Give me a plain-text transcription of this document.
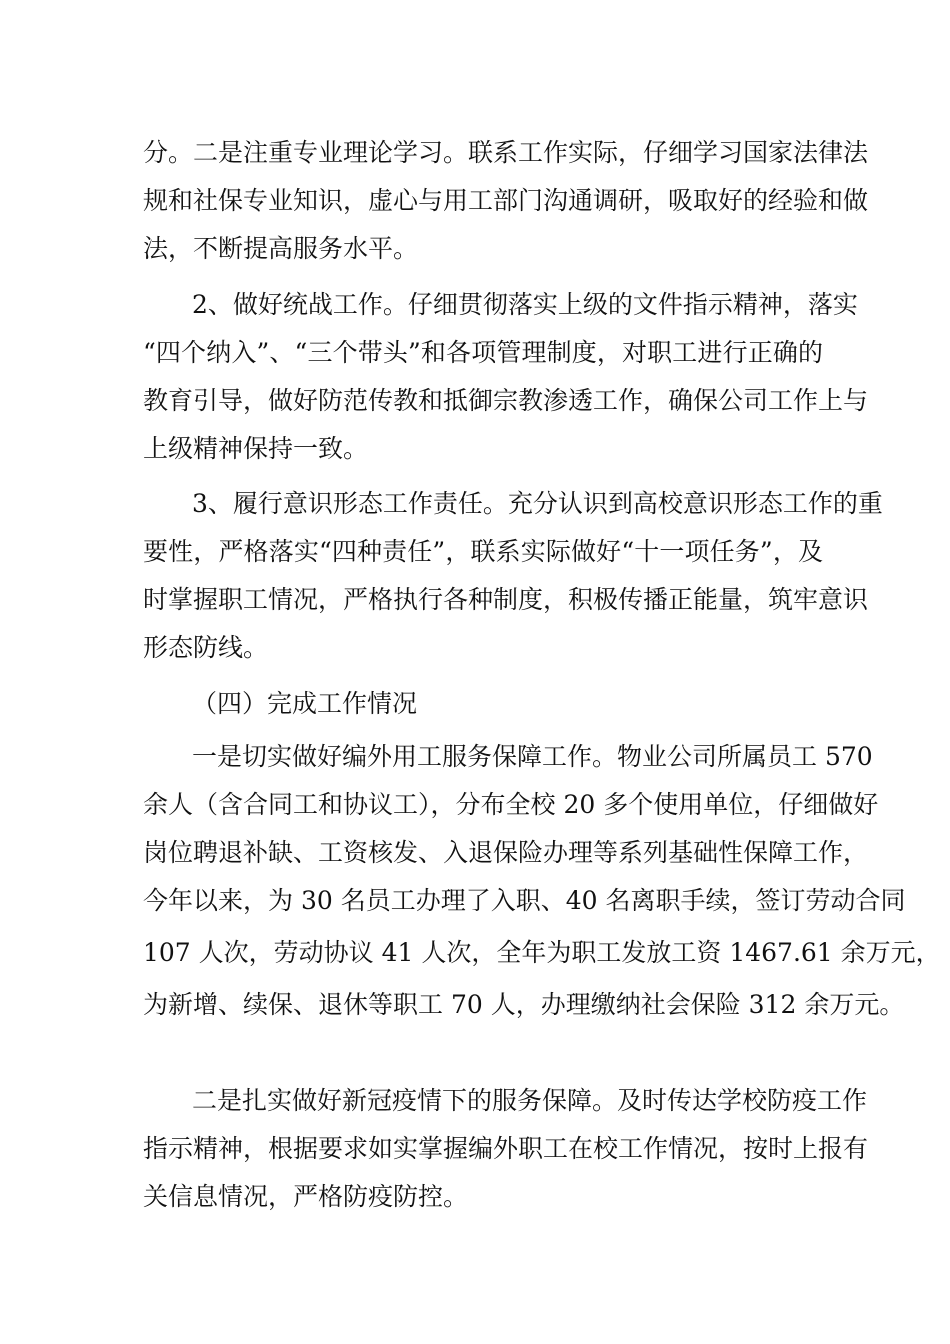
分。二是注重专业理论学习。联系工作实际，仔细学习国家法律法
规和社保专业知识，虚心与用工部门沟通调研，吸取好的经验和做
法，不断提高服务水平。
2、做好统战工作。仔细贯彻落实上级的文件指示精神，落实
“四个纳入”、“三个带头”和各项管理制度，对职工进行正确的
教育引导，做好防范传教和抵御宗教渗透工作，确保公司工作上与
上级精神保持一致。
3、履行意识形态工作责任。充分认识到高校意识形态工作的重
要性，严格落实“四种责任”，联系实际做好“十一项任务”，及
时掌握职工情况，严格执行各种制度，积极传播正能量，筑牢意识
形态防线。
（四）完成工作情况
一是切实做好编外用工服务保障工作。物业公司所属员工 570
余人（含合同工和协议工），分布全校 20 多个使用单位，仔细做好
岗位聘退补缺、工资核发、入退保险办理等系列基础性保障工作，
今年以来，为 30 名员工办理了入职、40 名离职手续，签订劳动合同
107 人次，劳动协议 41 人次，全年为职工发放工资 1467.61 余万元，
为新增、续保、退休等职工 70 人，办理缴纳社会保险 312 余万元。
二是扎实做好新冠疫情下的服务保障。及时传达学校防疫工作
指示精神，根据要求如实掌握编外职工在校工作情况，按时上报有
关信息情况，严格防疫防控。
